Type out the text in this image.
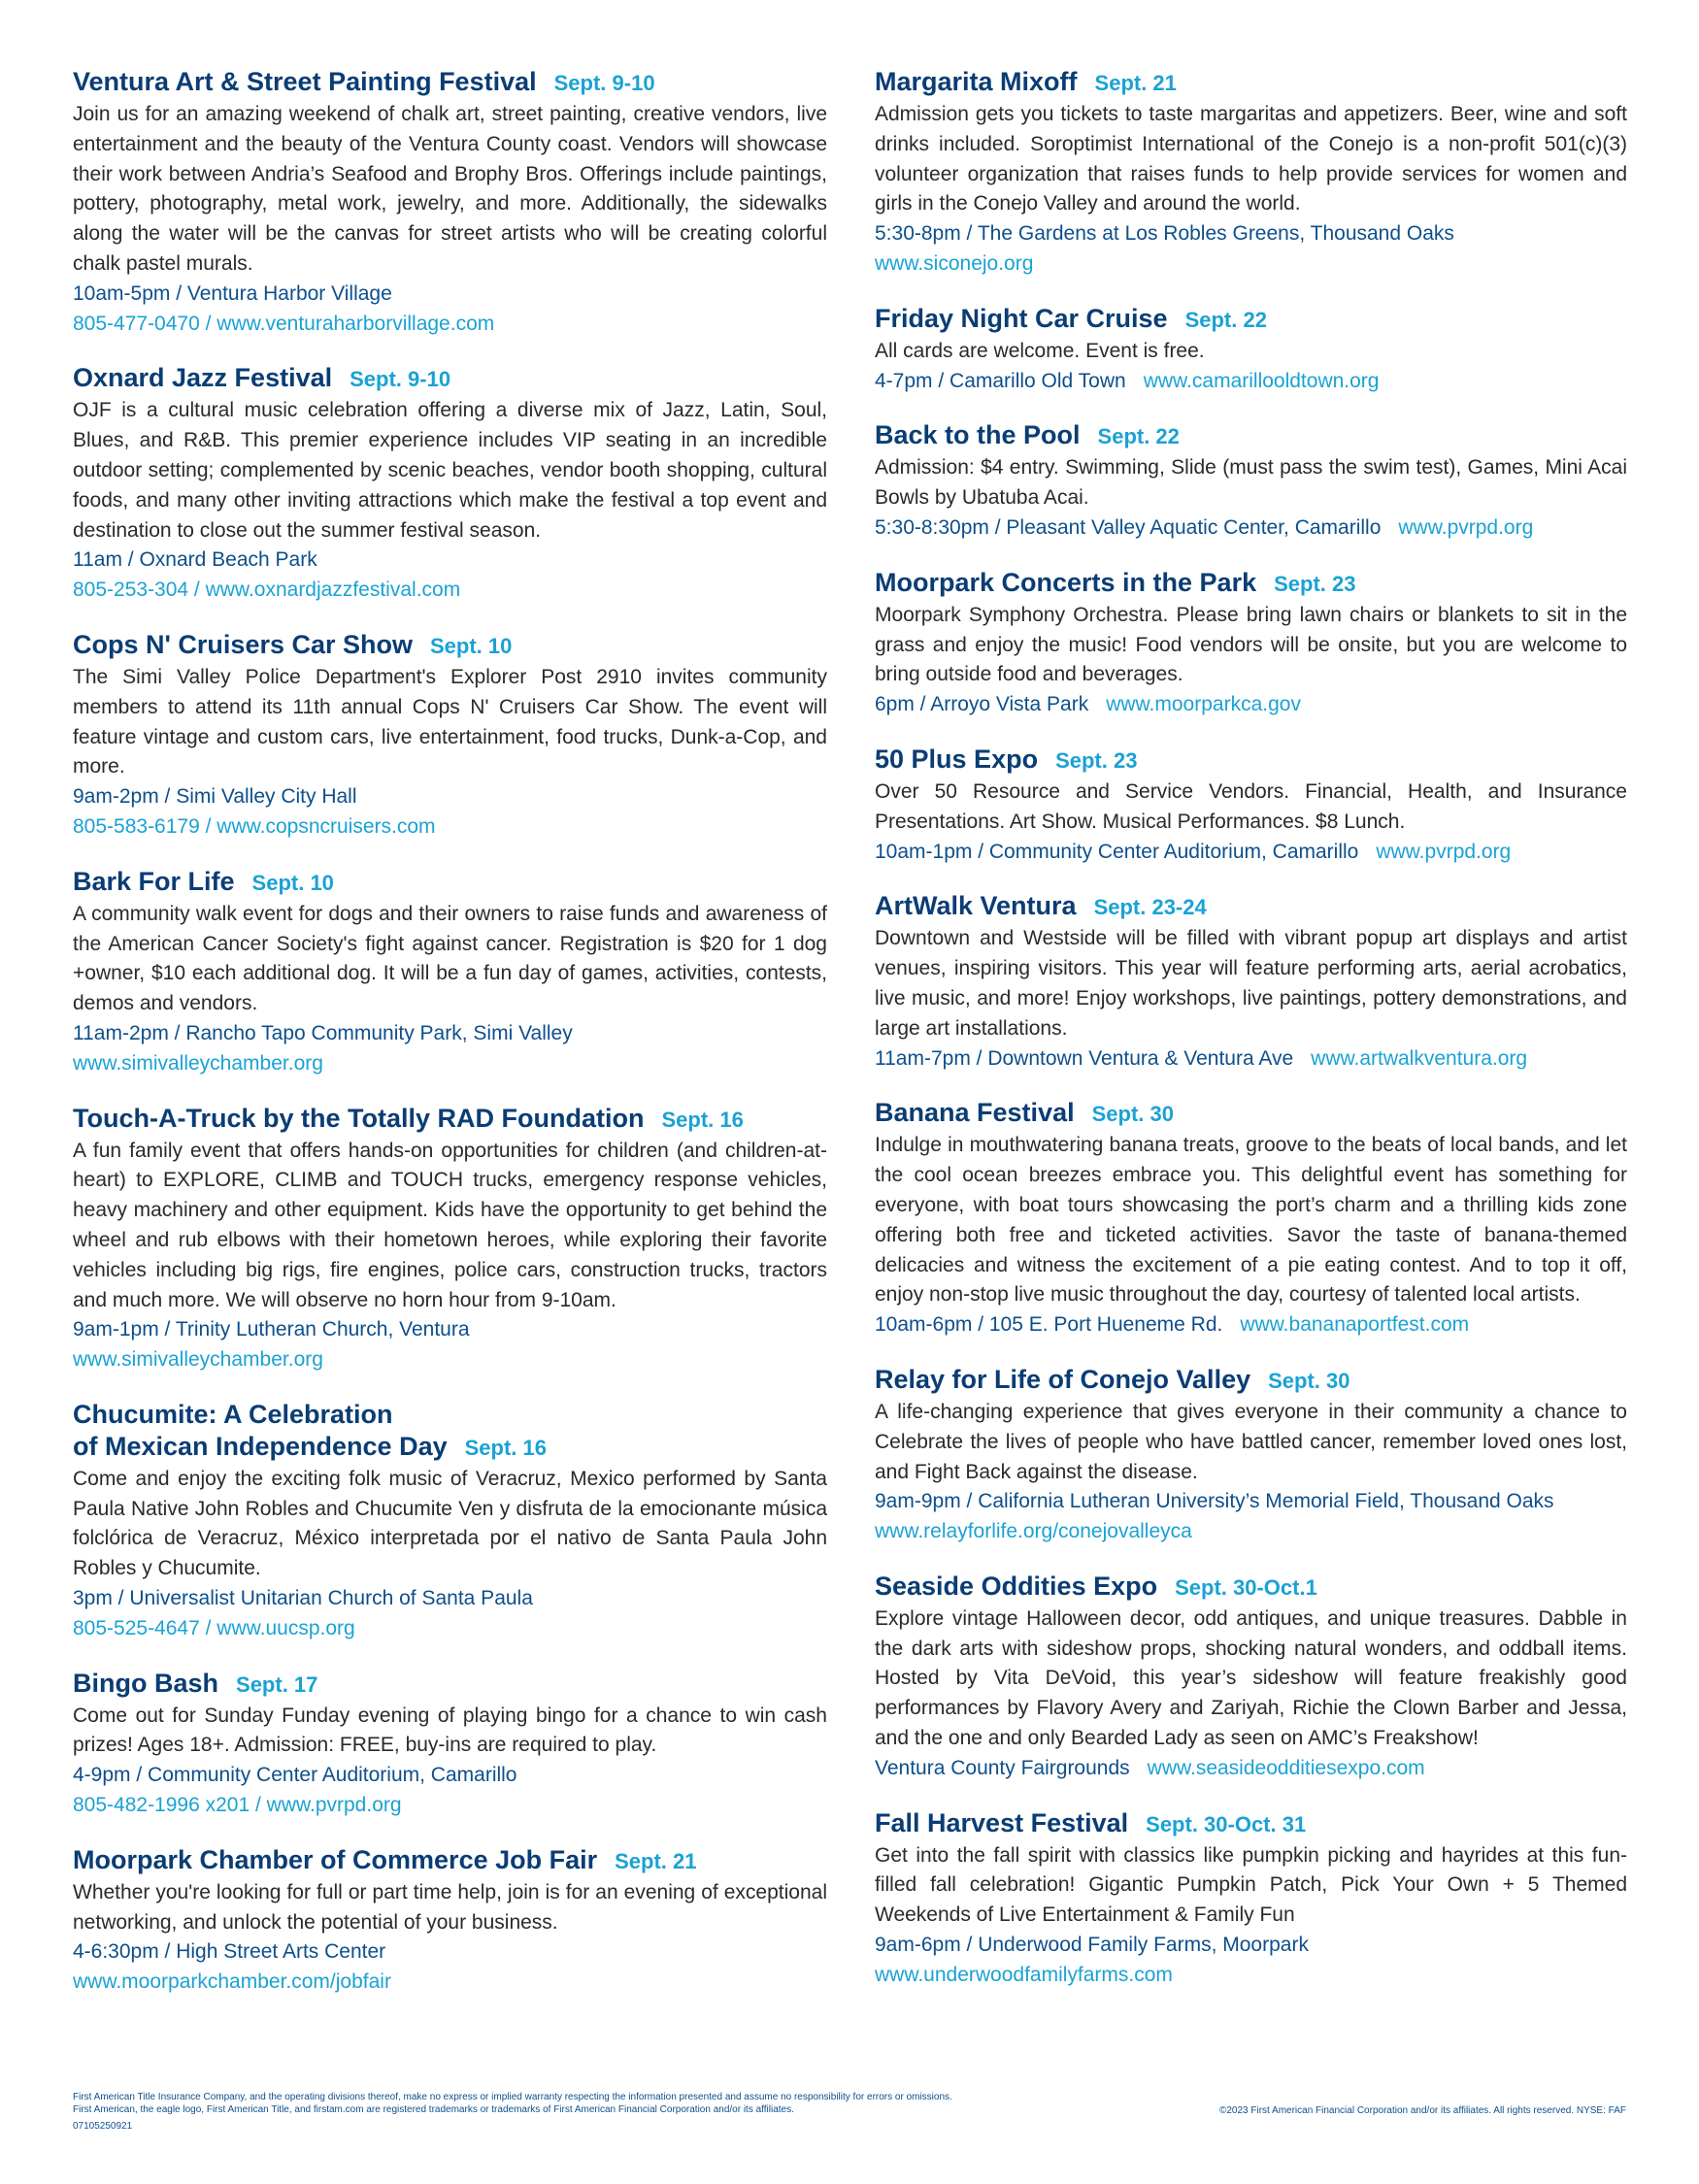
Ventura Art & Street Painting Festival Sept. 9-10

Join us for an amazing weekend of chalk art, street painting, creative vendors, live entertainment and the beauty of the Ventura County coast. Vendors will showcase their work between Andria’s Seafood and Brophy Bros. Offerings include paintings, pottery, photography, metal work, jewelry, and more. Additionally, the sidewalks along the water will be the canvas for street artists who will be creating colorful chalk pastel murals.

10am-5pm / Ventura Harbor Village

805-477-0470 / www.venturaharborvillage.com

Oxnard Jazz Festival Sept. 9-10

OJF is a cultural music celebration offering a diverse mix of Jazz, Latin, Soul, Blues, and R&B. This premier experience includes VIP seating in an incredible outdoor setting; complemented by scenic beaches, vendor booth shopping, cultural foods, and many other inviting attractions which make the festival a top event and destination to close out the summer festival season.

11am / Oxnard Beach Park

805-253-304 / www.oxnardjazzfestival.com

Cops N' Cruisers Car Show Sept. 10

The Simi Valley Police Department's Explorer Post 2910 invites community members to attend its 11th annual Cops N' Cruisers Car Show. The event will feature vintage and custom cars, live entertainment, food trucks, Dunk-a-Cop, and more.

9am-2pm / Simi Valley City Hall

805-583-6179 / www.copsncruisers.com

Bark For Life Sept. 10

A community walk event for dogs and their owners to raise funds and awareness of the American Cancer Society's fight against cancer. Registration is $20 for 1 dog +owner, $10 each additional dog. It will be a fun day of games, activities, contests, demos and vendors.

11am-2pm / Rancho Tapo Community Park, Simi Valley

www.simivalleychamber.org

Touch-A-Truck by the Totally RAD Foundation Sept. 16

A fun family event that offers hands-on opportunities for children (and children-at-heart) to EXPLORE, CLIMB and TOUCH trucks, emergency response vehicles, heavy machinery and other equipment. Kids have the opportunity to get behind the wheel and rub elbows with their hometown heroes, while exploring their favorite vehicles including big rigs, fire engines, police cars, construction trucks, tractors and much more. We will observe no horn hour from 9-10am.

9am-1pm / Trinity Lutheran Church, Ventura

www.simivalleychamber.org

Chucumite: A Celebration
of Mexican Independence Day Sept. 16

Come and enjoy the exciting folk music of Veracruz, Mexico performed by Santa Paula Native John Robles and Chucumite Ven y disfruta de la emocionante música folclórica de Veracruz, México interpretada por el nativo de Santa Paula John Robles y Chucumite.

3pm / Universalist Unitarian Church of Santa Paula

805-525-4647 / www.uucsp.org

Bingo Bash Sept. 17

Come out for Sunday Funday evening of playing bingo for a chance to win cash prizes! Ages 18+. Admission: FREE, buy-ins are required to play.

4-9pm / Community Center Auditorium, Camarillo

805-482-1996 x201 / www.pvrpd.org

Moorpark Chamber of Commerce Job Fair Sept. 21

Whether you're looking for full or part time help, join is for an evening of exceptional networking, and unlock the potential of your business.

4-6:30pm / High Street Arts Center

www.moorparkchamber.com/jobfair

Margarita Mixoff Sept. 21

Admission gets you tickets to taste margaritas and appetizers. Beer, wine and soft drinks included. Soroptimist International of the Conejo is a non-profit 501(c)(3) volunteer organization that raises funds to help provide services for women and girls in the Conejo Valley and around the world.

5:30-8pm / The Gardens at Los Robles Greens, Thousand Oaks

www.siconejo.org

Friday Night Car Cruise Sept. 22

All cards are welcome. Event is free.

4-7pm / Camarillo Old Town www.camarillooldtown.org

Back to the Pool Sept. 22

Admission: $4 entry. Swimming, Slide (must pass the swim test), Games, Mini Acai Bowls by Ubatuba Acai.

5:30-8:30pm / Pleasant Valley Aquatic Center, Camarillo www.pvrpd.org

Moorpark Concerts in the Park Sept. 23

Moorpark Symphony Orchestra. Please bring lawn chairs or blankets to sit in the grass and enjoy the music! Food vendors will be onsite, but you are welcome to bring outside food and beverages.

6pm / Arroyo Vista Park www.moorparkca.gov

50 Plus Expo Sept. 23

Over 50 Resource and Service Vendors. Financial, Health, and Insurance Presentations. Art Show. Musical Performances. $8 Lunch.

10am-1pm / Community Center Auditorium, Camarillo www.pvrpd.org

ArtWalk Ventura Sept. 23-24

Downtown and Westside will be filled with vibrant popup art displays and artist venues, inspiring visitors. This year will feature performing arts, aerial acrobatics, live music, and more! Enjoy workshops, live paintings, pottery demonstrations, and large art installations.

11am-7pm / Downtown Ventura & Ventura Ave www.artwalkventura.org

Banana Festival Sept. 30

Indulge in mouthwatering banana treats, groove to the beats of local bands, and let the cool ocean breezes embrace you. This delightful event has something for everyone, with boat tours showcasing the port’s charm and a thrilling kids zone offering both free and ticketed activities. Savor the taste of banana-themed delicacies and witness the excitement of a pie eating contest. And to top it off, enjoy non-stop live music throughout the day, courtesy of talented local artists.

10am-6pm / 105 E. Port Hueneme Rd. www.bananaportfest.com

Relay for Life of Conejo Valley Sept. 30

A life-changing experience that gives everyone in their community a chance to Celebrate the lives of people who have battled cancer, remember loved ones lost, and Fight Back against the disease.

9am-9pm / California Lutheran University’s Memorial Field, Thousand Oaks

www.relayforlife.org/conejovalleyca

Seaside Oddities Expo Sept. 30-Oct.1

Explore vintage Halloween decor, odd antiques, and unique treasures. Dabble in the dark arts with sideshow props, shocking natural wonders, and oddball items. Hosted by Vita DeVoid, this year’s sideshow will feature freakishly good performances by Flavory Avery and Zariyah, Richie the Clown Barber and Jessa, and the one and only Bearded Lady as seen on AMC’s Freakshow!

Ventura County Fairgrounds www.seasideodditiesexpo.com

Fall Harvest Festival Sept. 30-Oct. 31

Get into the fall spirit with classics like pumpkin picking and hayrides at this fun-filled fall celebration! Gigantic Pumpkin Patch, Pick Your Own + 5 Themed Weekends of Live Entertainment & Family Fun

9am-6pm / Underwood Family Farms, Moorpark

www.underwoodfamilyfarms.com

First American Title Insurance Company, and the operating divisions thereof, make no express or implied warranty respecting the information presented and assume no responsibility for errors or omissions.
First American, the eagle logo, First American Title, and firstam.com are registered trademarks or trademarks of First American Financial Corporation and/or its affiliates.
07105250921
©2023 First American Financial Corporation and/or its affiliates. All rights reserved. NYSE: FAF
